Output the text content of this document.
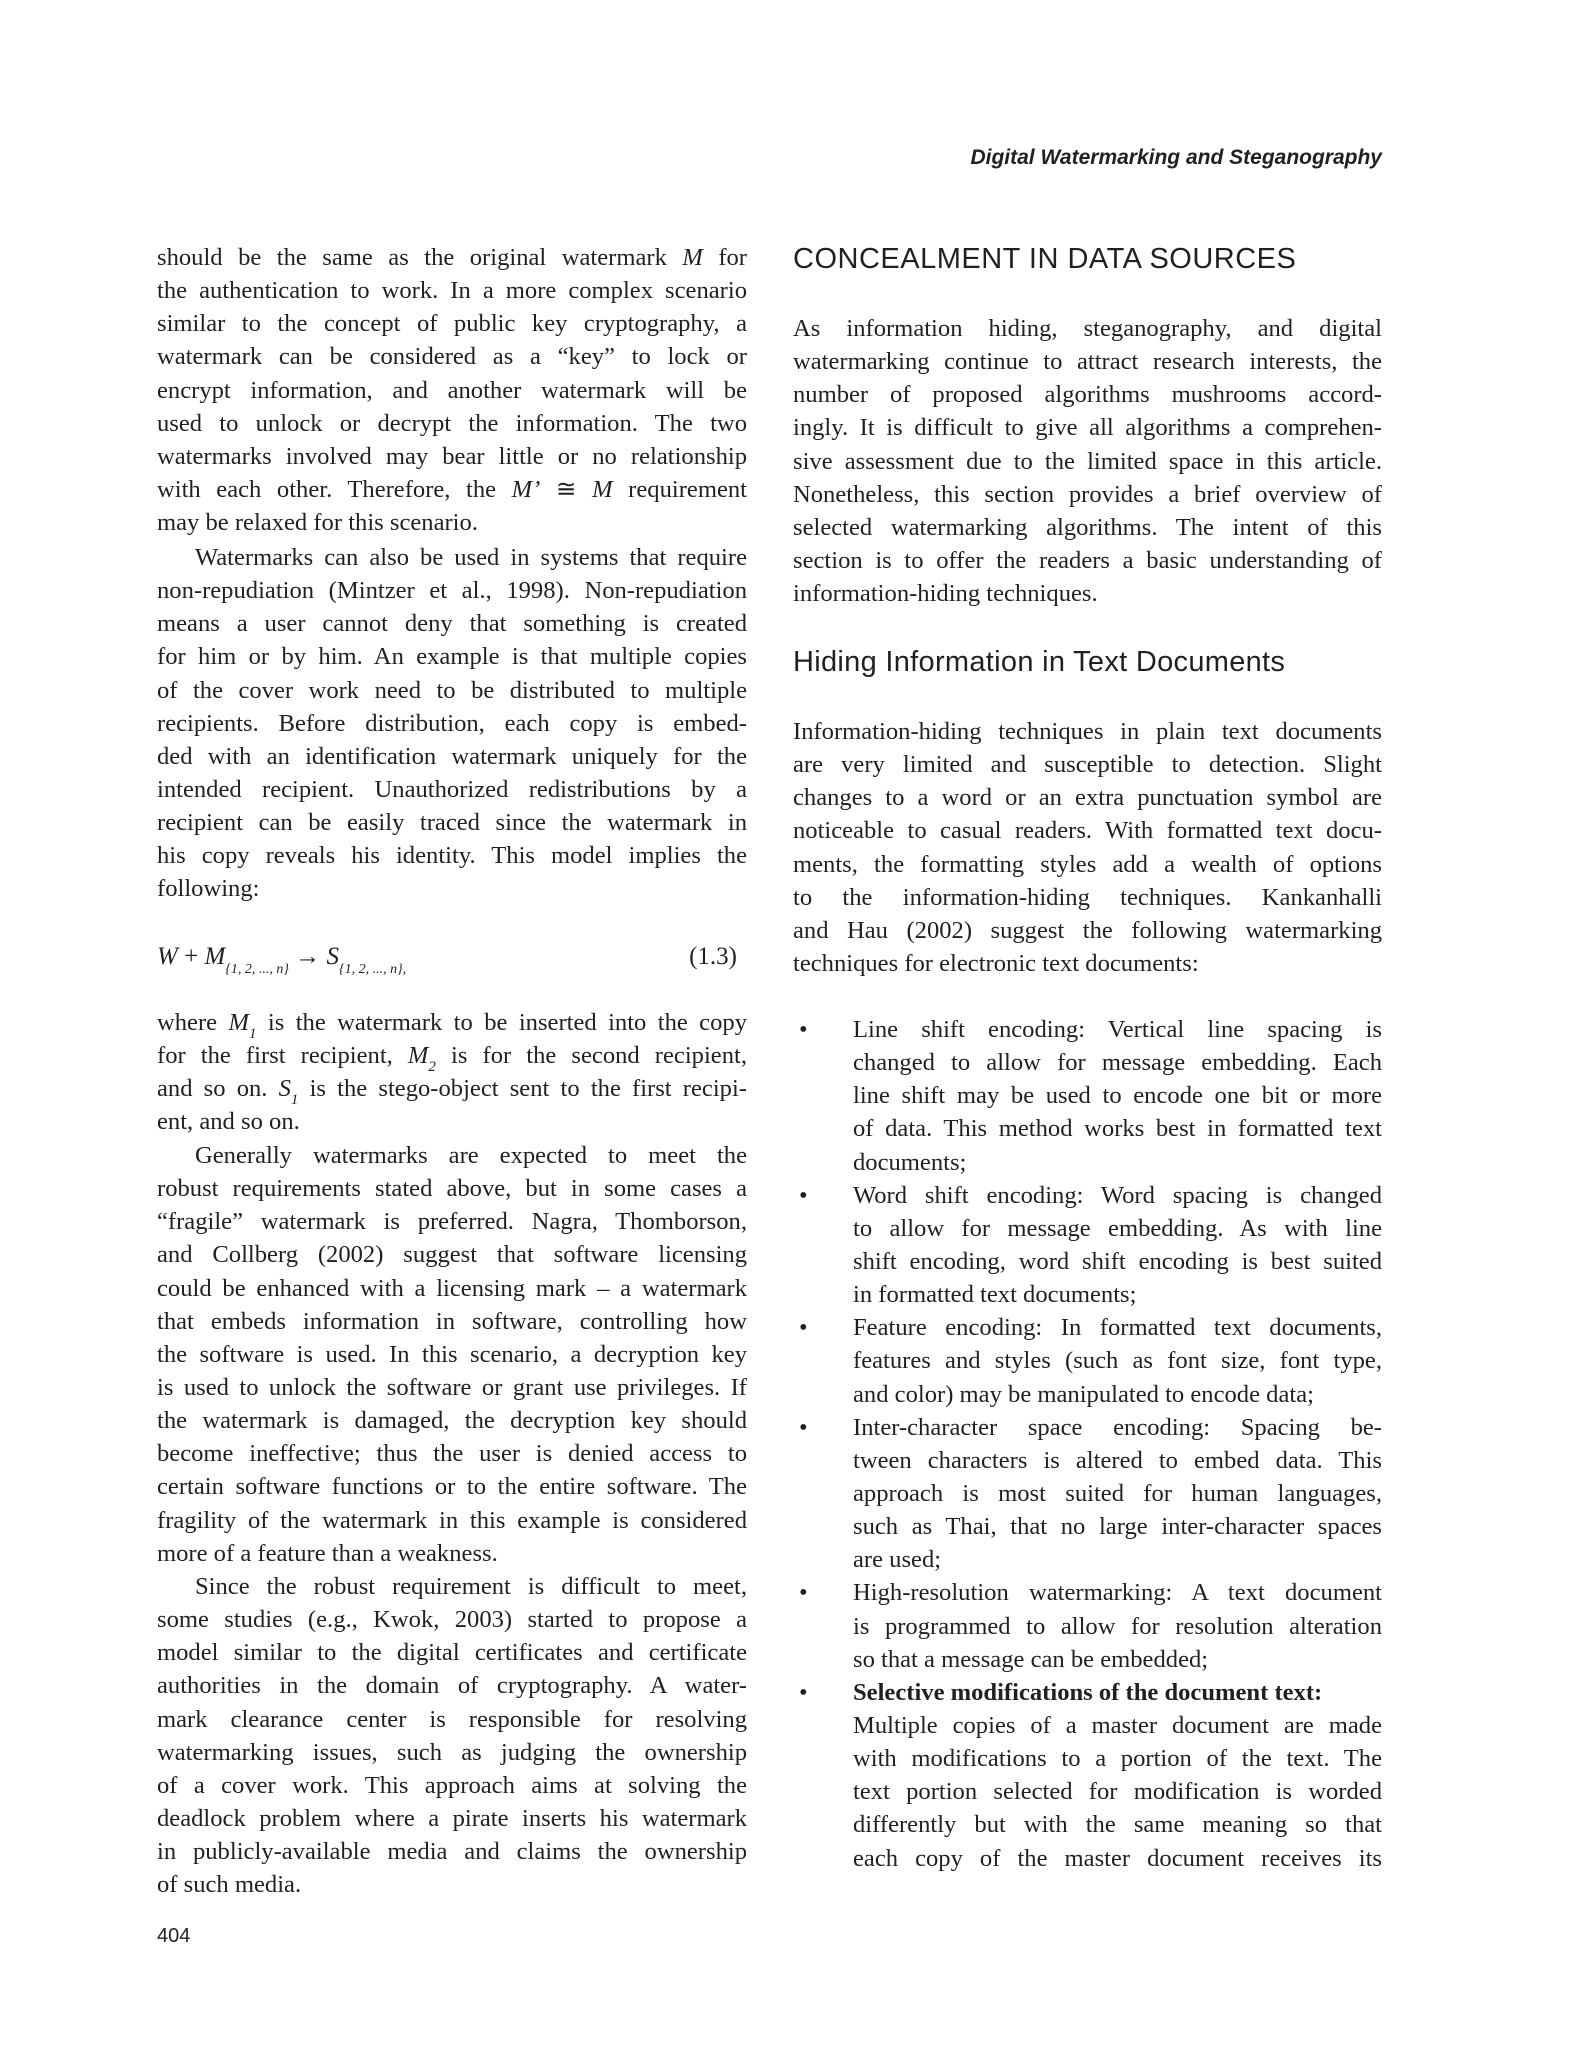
Digital Watermarking and Steganography
should be the same as the original watermark M for
the authentication to work. In a more complex scenario
similar to the concept of public key cryptography, a
watermark can be considered as a “key” to lock or
encrypt information, and another watermark will be
used to unlock or decrypt the information. The two
watermarks involved may bear little or no relationship
with each other. Therefore, the M’ ≅ M requirement
may be relaxed for this scenario.
Watermarks can also be used in systems that require
non-repudiation (Mintzer et al., 1998). Non-repudiation
means a user cannot deny that something is created
for him or by him. An example is that multiple copies
of the cover work need to be distributed to multiple
recipients. Before distribution, each copy is embed-
ded with an identification watermark uniquely for the
intended recipient. Unauthorized redistributions by a
recipient can be easily traced since the watermark in
his copy reveals his identity. This model implies the
following:
$W + M_{\{1, 2, ..., n\}} \to S_{\{1, 2, ..., n\},}$	(1.3)
where $M_1$ is the watermark to be inserted into the copy
for the first recipient, $M_2$ is for the second recipient,
and so on. $S_1$ is the stego-object sent to the first recipi-
ent, and so on.
Generally watermarks are expected to meet the
robust requirements stated above, but in some cases a
“fragile” watermark is preferred. Nagra, Thomborson,
and Collberg (2002) suggest that software licensing
could be enhanced with a licensing mark – a watermark
that embeds information in software, controlling how
the software is used. In this scenario, a decryption key
is used to unlock the software or grant use privileges. If
the watermark is damaged, the decryption key should
become ineffective; thus the user is denied access to
certain software functions or to the entire software. The
fragility of the watermark in this example is considered
more of a feature than a weakness.
Since the robust requirement is difficult to meet,
some studies (e.g., Kwok, 2003) started to propose a
model similar to the digital certificates and certificate
authorities in the domain of cryptography. A water-
mark clearance center is responsible for resolving
watermarking issues, such as judging the ownership
of a cover work. This approach aims at solving the
deadlock problem where a pirate inserts his watermark
in publicly-available media and claims the ownership
of such media.
CONCEALMENT IN DATA SOURCES
As information hiding, steganography, and digital
watermarking continue to attract research interests, the
number of proposed algorithms mushrooms accord-
ingly. It is difficult to give all algorithms a comprehen-
sive assessment due to the limited space in this article.
Nonetheless, this section provides a brief overview of
selected watermarking algorithms. The intent of this
section is to offer the readers a basic understanding of
information-hiding techniques.
Hiding Information in Text Documents
Information-hiding techniques in plain text documents
are very limited and susceptible to detection. Slight
changes to a word or an extra punctuation symbol are
noticeable to casual readers. With formatted text docu-
ments, the formatting styles add a wealth of options
to the information-hiding techniques. Kankanhalli
and Hau (2002) suggest the following watermarking
techniques for electronic text documents:
• Line shift encoding: Vertical line spacing is
changed to allow for message embedding. Each
line shift may be used to encode one bit or more
of data. This method works best in formatted text
documents;
• Word shift encoding: Word spacing is changed
to allow for message embedding. As with line
shift encoding, word shift encoding is best suited
in formatted text documents;
• Feature encoding: In formatted text documents,
features and styles (such as font size, font type,
and color) may be manipulated to encode data;
• Inter-character space encoding: Spacing be-
tween characters is altered to embed data. This
approach is most suited for human languages,
such as Thai, that no large inter-character spaces
are used;
• High-resolution watermarking: A text document
is programmed to allow for resolution alteration
so that a message can be embedded;
• Selective modifications of the document text:
Multiple copies of a master document are made
with modifications to a portion of the text. The
text portion selected for modification is worded
differently but with the same meaning so that
each copy of the master document receives its
404
